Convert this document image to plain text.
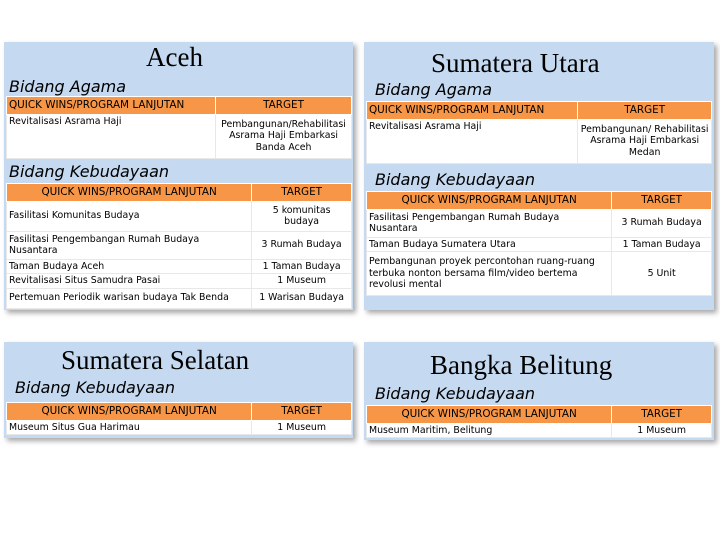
Aceh
Bidang Agama
QUICK WINS/PROGRAM LANJUTAN	TARGET
Revitalisasi Asrama Haji	Pembangunan/Rehabilitasi Asrama Haji Embarkasi Banda Aceh
Bidang Kebudayaan
QUICK WINS/PROGRAM LANJUTAN	TARGET
Fasilitasi Komunitas Budaya	5 komunitas budaya
Fasilitasi Pengembangan Rumah Budaya Nusantara	3 Rumah Budaya
Taman Budaya Aceh	1 Taman Budaya
Revitalisasi Situs Samudra Pasai	1 Museum
Pertemuan Periodik warisan budaya Tak Benda	1 Warisan Budaya
Sumatera Utara
Bidang Agama
QUICK WINS/PROGRAM LANJUTAN	TARGET
Revitalisasi Asrama Haji	Pembangunan/ Rehabilitasi Asrama Haji Embarkasi Medan
Bidang Kebudayaan
QUICK WINS/PROGRAM LANJUTAN	TARGET
Fasilitasi Pengembangan Rumah Budaya Nusantara	3 Rumah Budaya
Taman Budaya Sumatera Utara	1 Taman Budaya
Pembangunan proyek percontohan ruang-ruang terbuka nonton bersama film/video bertema revolusi mental	5 Unit
Sumatera Selatan
Bidang Kebudayaan
QUICK WINS/PROGRAM LANJUTAN	TARGET
Museum Situs Gua Harimau	1 Museum
Bangka Belitung
Bidang Kebudayaan
QUICK WINS/PROGRAM LANJUTAN	TARGET
Museum Maritim, Belitung	1 Museum
